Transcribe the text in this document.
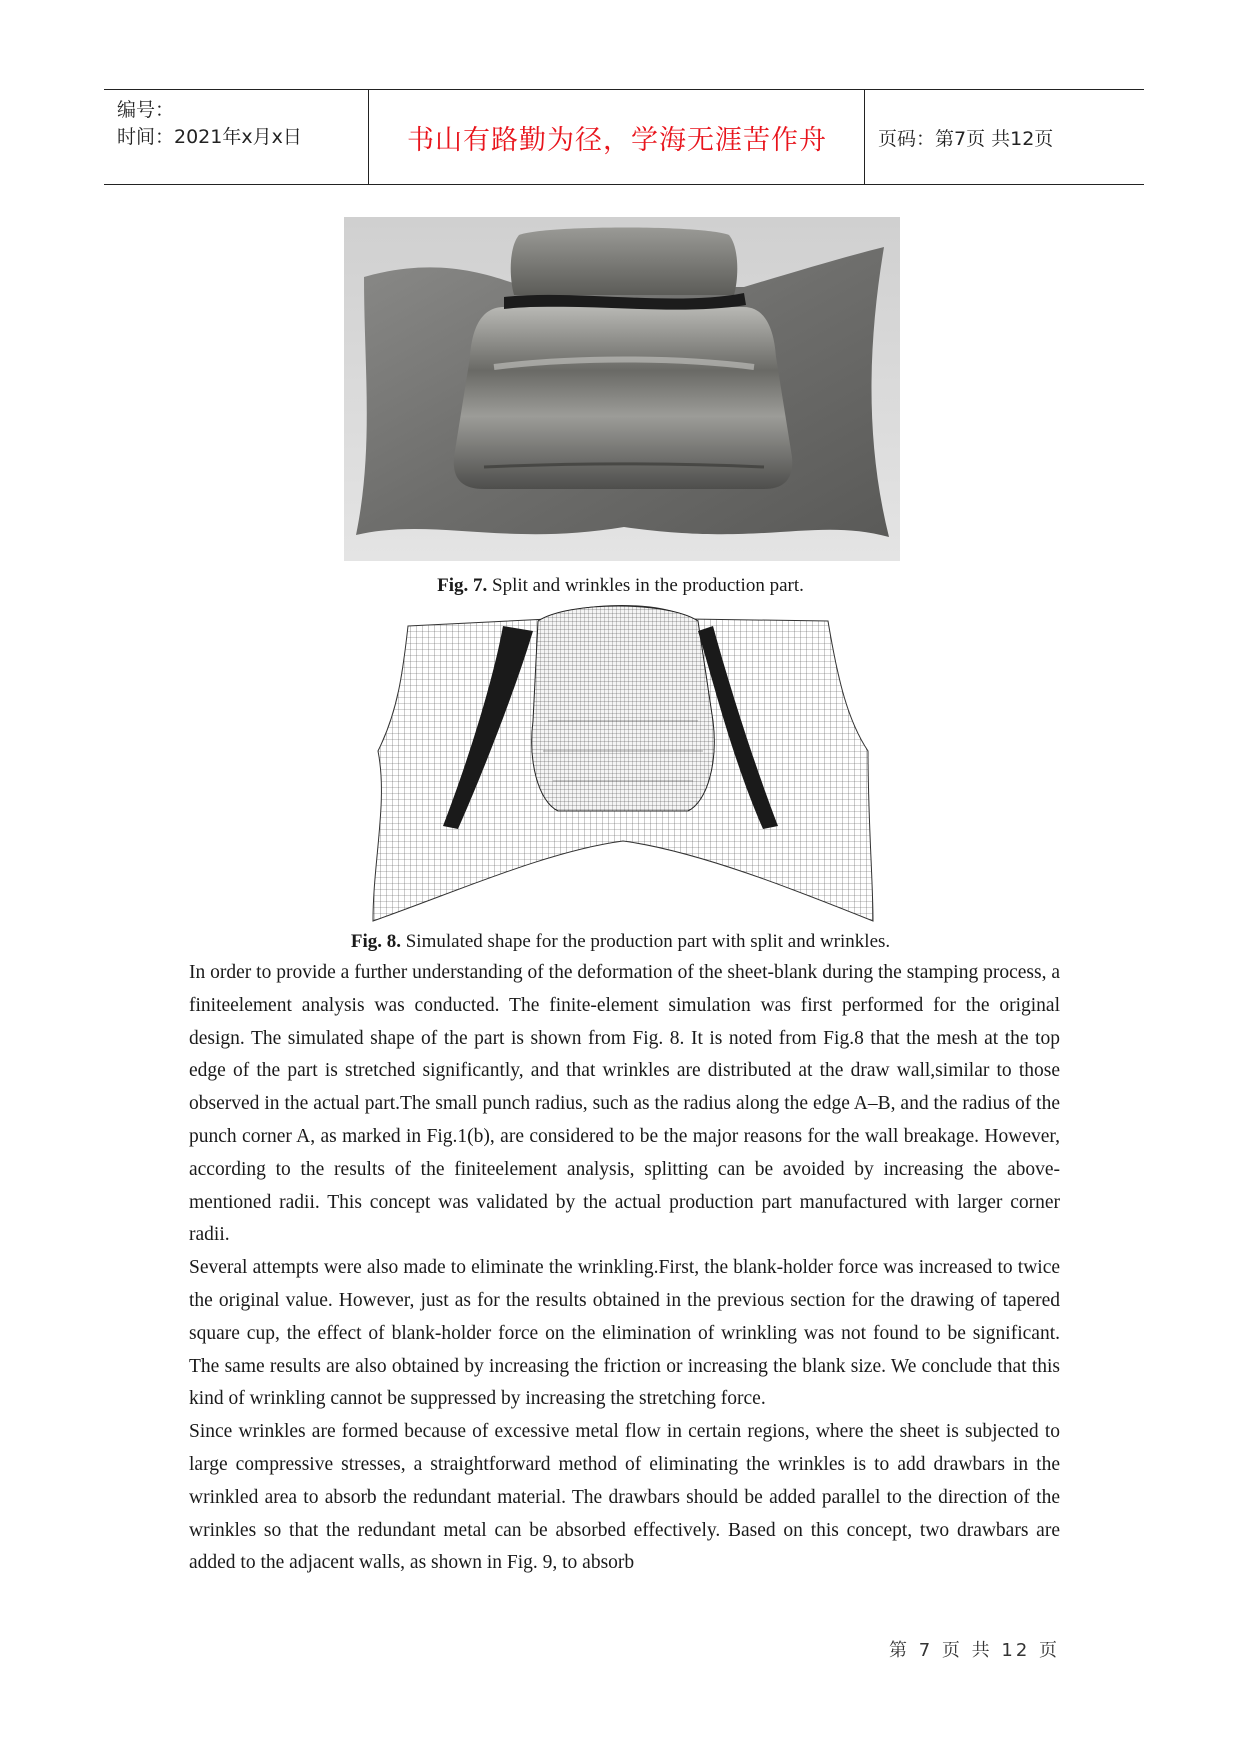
编号：
时间：2021年x月x日	书山有路勤为径，学海无涯苦作舟	页码：第7页 共12页
Fig. 7. Split and wrinkles in the production part.
Fig. 8. Simulated shape for the production part with split and wrinkles.

In order to provide a further understanding of the deformation of the sheet-blank during the stamping process, a finiteelement analysis was conducted. The finite-element simulation was first performed for the original design. The simulated shape of the part is shown from Fig. 8. It is noted from Fig.8 that the mesh at the top edge of the part is stretched significantly, and that wrinkles are distributed at the draw wall,similar to those observed in the actual part.The small punch radius, such as the radius along the edge A–B, and the radius of the punch corner A, as marked in Fig.1(b), are considered to be the major reasons for the wall breakage. However, according to the results of the finiteelement analysis, splitting can be avoided by increasing the above-mentioned radii. This concept was validated by the actual production part manufactured with larger corner radii.

Several attempts were also made to eliminate the wrinkling.First, the blank-holder force was increased to twice the original value. However, just as for the results obtained in the previous section for the drawing of tapered square cup, the effect of blank-holder force on the elimination of wrinkling was not found to be significant. The same results are also obtained by increasing the friction or increasing the blank size. We conclude that this kind of wrinkling cannot be suppressed by increasing the stretching force.

Since wrinkles are formed because of excessive metal flow in certain regions, where the sheet is subjected to large compressive stresses, a straightforward method of eliminating the wrinkles is to add drawbars in the wrinkled area to absorb the redundant material. The drawbars should be added parallel to the direction of the wrinkles so that the redundant metal can be absorbed effectively. Based on this concept, two drawbars are added to the adjacent walls, as shown in Fig. 9, to absorb

第 7 页 共 12 页
